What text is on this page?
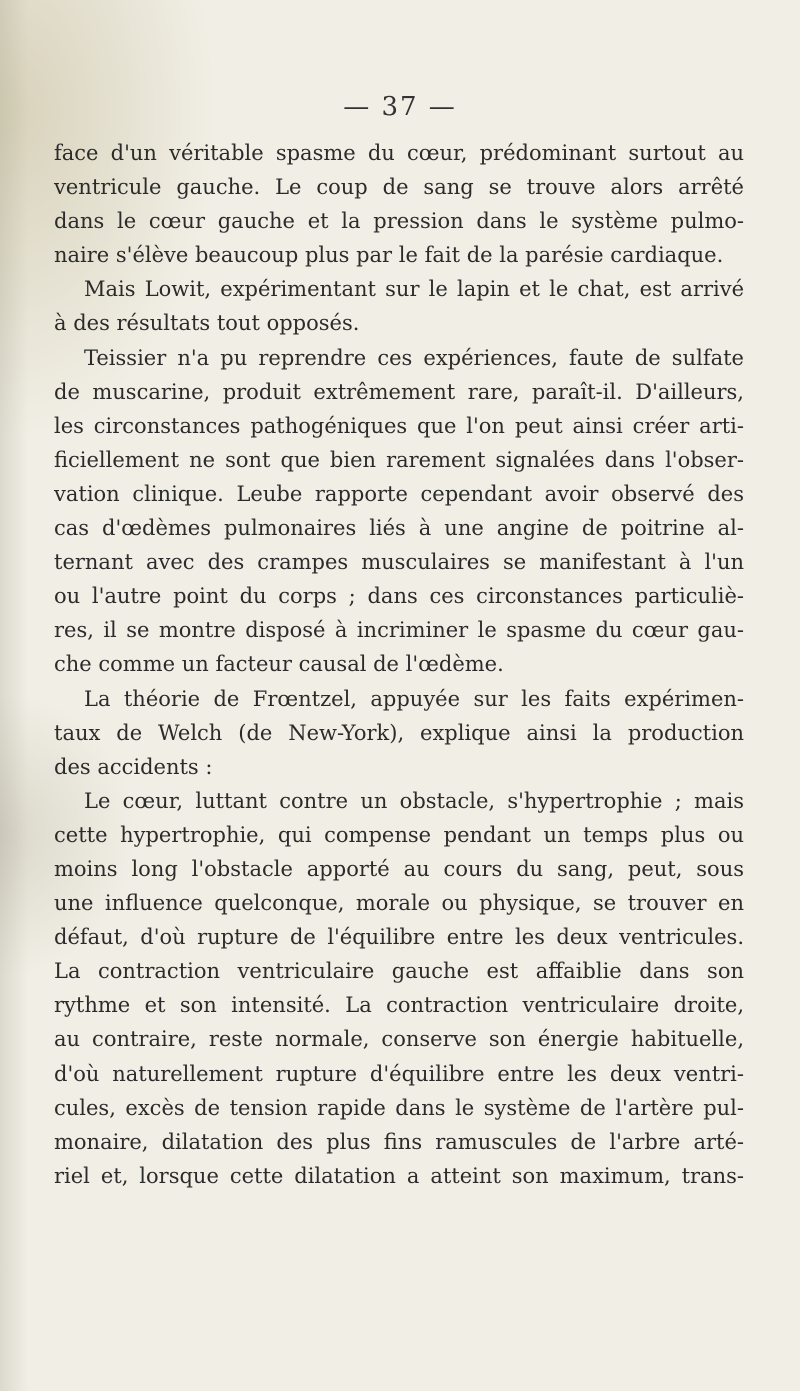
— 37 —
face d'un véritable spasme du cœur, prédominant surtout au
ventricule gauche. Le coup de sang se trouve alors arrêté
dans le cœur gauche et la pression dans le système pulmo-
naire s'élève beaucoup plus par le fait de la parésie cardiaque.
Mais Lowit, expérimentant sur le lapin et le chat, est arrivé
à des résultats tout opposés.
Teissier n'a pu reprendre ces expériences, faute de sulfate
de muscarine, produit extrêmement rare, paraît-il. D'ailleurs,
les circonstances pathogéniques que l'on peut ainsi créer arti-
ficiellement ne sont que bien rarement signalées dans l'obser-
vation clinique. Leube rapporte cependant avoir observé des
cas d'œdèmes pulmonaires liés à une angine de poitrine al-
ternant avec des crampes musculaires se manifestant à l'un
ou l'autre point du corps ; dans ces circonstances particuliè-
res, il se montre disposé à incriminer le spasme du cœur gau-
che comme un facteur causal de l'œdème.
La théorie de Frœntzel, appuyée sur les faits expérimen-
taux de Welch (de New-York), explique ainsi la production
des accidents :
Le cœur, luttant contre un obstacle, s'hypertrophie ; mais
cette hypertrophie, qui compense pendant un temps plus ou
moins long l'obstacle apporté au cours du sang, peut, sous
une influence quelconque, morale ou physique, se trouver en
défaut, d'où rupture de l'équilibre entre les deux ventricules.
La contraction ventriculaire gauche est affaiblie dans son
rythme et son intensité. La contraction ventriculaire droite,
au contraire, reste normale, conserve son énergie habituelle,
d'où naturellement rupture d'équilibre entre les deux ventri-
cules, excès de tension rapide dans le système de l'artère pul-
monaire, dilatation des plus fins ramuscules de l'arbre arté-
riel et, lorsque cette dilatation a atteint son maximum, trans-
